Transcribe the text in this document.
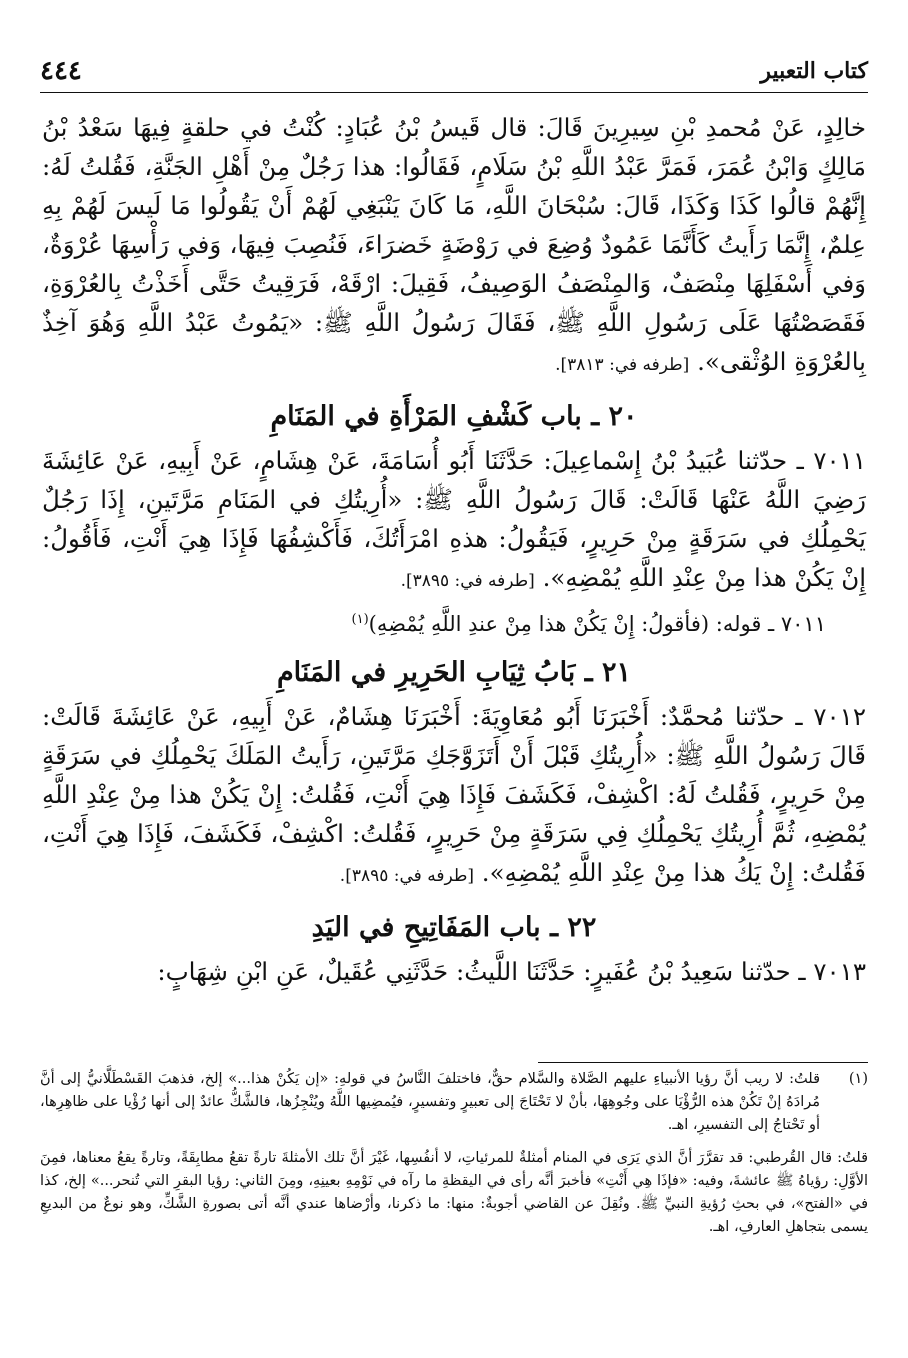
كتاب التعبير
٤٤٤

خالِدٍ، عَنْ مُحمدِ بْنِ سِيرِينَ قَالَ: قال قَيسُ بْنُ عُبَادٍ: كُنْتُ في حلقةٍ فِيهَا سَعْدُ بْنُ مَالِكٍ وَابْنُ عُمَرَ، فَمَرَّ عَبْدُ اللَّهِ بْنُ سَلَامٍ، فَقَالُوا: هذا رَجُلٌ مِنْ أَهْلِ الجَنَّةِ، فَقُلتُ لَهُ: إِنَّهُمْ قالُوا كَذَا وَكَذَا، قَالَ: سُبْحَانَ اللَّهِ، مَا كَانَ يَنْبَغِي لَهُمْ أَنْ يَقُولُوا مَا لَيسَ لَهُمْ بِهِ عِلمٌ، إِنَّمَا رَأَيتُ كَأَنَّمَا عَمُودٌ وُضِعَ في رَوْضَةٍ خَضرَاءَ، فَنُصِبَ فِيهَا، وَفي رَأْسِهَا عُرْوَةٌ، وَفي أَسْفَلِهَا مِنْصَفٌ، وَالمِنْصَفُ الوَصِيفُ، فَقِيلَ: ارْقَهْ، فَرَقِيتُ حَتَّى أَخَذْتُ بِالعُرْوَةِ، فَقَصَصْتُهَا عَلَى رَسُولِ اللَّهِ ﷺ، فَقَالَ رَسُولُ اللَّهِ ﷺ: «يَمُوتُ عَبْدُ اللَّهِ وَهُوَ آخِذٌ بِالعُرْوَةِ الوُثْقى». [طرفه في: ٣٨١٣].

٢٠ ـ باب كَشْفِ المَرْأَةِ في المَنَامِ

٧٠١١ ـ حدّثنا عُبَيدُ بْنُ إِسْماعِيلَ: حَدَّثَنَا أَبُو أُسَامَةَ، عَنْ هِشَامٍ، عَنْ أَبِيهِ، عَنْ عَائِشَةَ رَضِيَ اللَّهُ عَنْهَا قَالَتْ: قَالَ رَسُولُ اللَّهِ ﷺ: «أُرِيتُكِ في المَنَامِ مَرَّتَينِ، إِذَا رَجُلٌ يَحْمِلُكِ في سَرَقَةٍ مِنْ حَرِيرٍ، فَيَقُولُ: هذهِ امْرَأَتُكَ، فَأَكْشِفُهَا فَإِذَا هِيَ أَنْتِ، فَأَقُولُ: إِنْ يَكُنْ هذا مِنْ عِنْدِ اللَّهِ يُمْضِهِ». [طرفه في: ٣٨٩٥].

٧٠١١ ـ قوله: (فأقولُ: إِنْ يَكُنْ هذا مِنْ عندِ اللَّهِ يُمْضِهِ)$^{(١)}$

٢١ ـ بَابُ ثِيَابِ الحَرِيرِ في المَنَامِ

٧٠١٢ ـ حدّثنا مُحمَّدٌ: أَخْبَرَنَا أَبُو مُعَاوِيَةَ: أَخْبَرَنَا هِشَامٌ، عَنْ أَبِيهِ، عَنْ عَائِشَةَ قَالَتْ: قَالَ رَسُولُ اللَّهِ ﷺ: «أُرِيتُكِ قَبْلَ أَنْ أَتَزَوَّجَكِ مَرَّتَينِ، رَأَيتُ المَلَكَ يَحْمِلُكِ في سَرَقَةٍ مِنْ حَرِيرٍ، فَقُلتُ لَهُ: اكْشِفْ، فَكَشَفَ فَإِذَا هِيَ أَنْتِ، فَقُلتُ: إِنْ يَكُنْ هذا مِنْ عِنْدِ اللَّهِ يُمْضِهِ، ثُمَّ أُرِيتُكِ يَحْمِلُكِ فِي سَرَقَةٍ مِنْ حَرِيرٍ، فَقُلتُ: اكْشِفْ، فَكَشَفَ، فَإِذَا هِيَ أَنْتِ، فَقُلتُ: إِنْ يَكُ هذا مِنْ عِنْدِ اللَّهِ يُمْضِهِ». [طرفه في: ٣٨٩٥].

٢٢ ـ باب المَفَاتِيحِ في اليَدِ

٧٠١٣ ـ حدّثنا سَعِيدُ بْنُ عُفَيرٍ: حَدَّثَنَا اللَّيثُ: حَدَّثَنِي عُقَيلٌ، عَنِ ابْنِ شِهَابٍ:

(١)
قلتُ: لا ريب أنَّ رؤيا الأنبياءِ عليهم الصَّلاة والسَّلام حقٌّ، فاختلفَ النَّاسُ في قولهِ: «إن يَكُنْ هذا...» إلخ، فذهبَ القَسْطَلَّانيُّ إلى أنَّ مُرادَهُ إنْ تَكُنْ هذه الرُّؤْيَا على وجُوهِهَا، بأنْ لا تَحْتَاجَ إلى تعبيرٍ وتفسيرٍ، فيُمضِيها اللَّهُ ويُنْجِزُها، فالشَّكُّ عائدٌ إلى أنها رُؤْيا على ظاهِرِها، أو تَحْتاجُ إلى التفسيرِ، اهـ.

قلتُ: قال القُرطبي: قد تقرَّرَ أنَّ الذي يَرَى في المنام أمثلةٌ للمرئياتِ، لا أنفُسِها، غَيْرَ أنَّ تلك الأمثلةَ تارةً تقعُ مطابِقَةً، وتارةً يقعُ معناها، فمِنَ الأوَّلِ: رؤياهُ ﷺ عائشةَ، وفيه: «فإذَا هِي أَنْتِ» فأخبرَ أنَّه رأى في اليقظةِ ما رآه في نَوْمِهِ بعينِهِ، ومِنَ الثاني: رؤيا البقرِ التي تُنحر...» إلخ، كذا في «الفتح»، في بحثِ رُؤيةِ النبيِّ ﷺ. ونُقِلَ عن القاضي أجوبةٌ: منها: ما ذكرنا، وأرْضاها عندي أنَّه أتى بصورةِ الشَّكِّ، وهو نوعٌ من البديعِ يسمى بتجاهلِ العارفِ، اهـ.
